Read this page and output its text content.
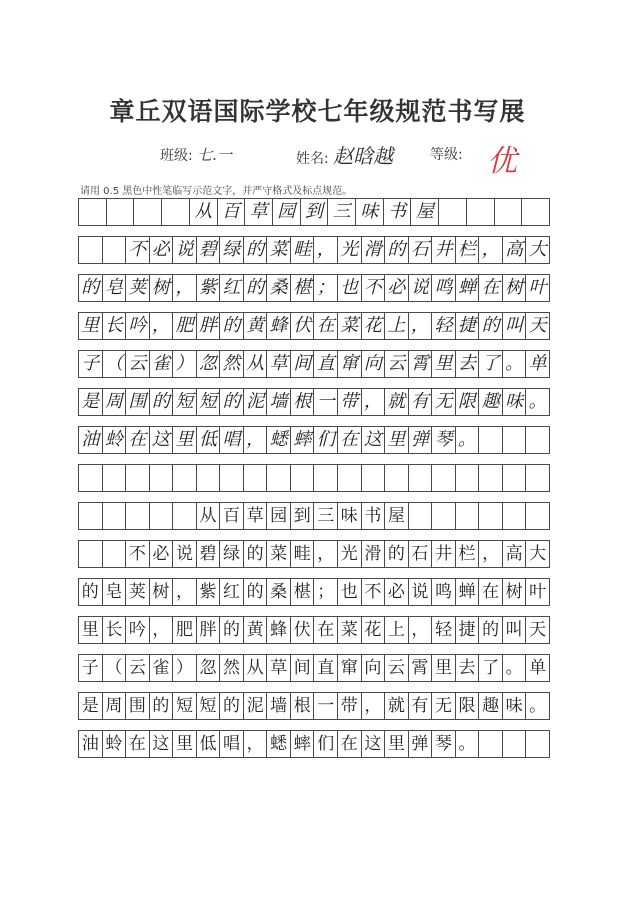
章丘双语国际学校七年级规范书写展
班级: 七.一	姓名: 赵晗越	等级: 优
请用 0.5 黑色中性笔临写示范文字，并严守格式及标点规范。
从 百 草 园 到 三 味 书 屋
不 必 说 碧 绿 的 菜 畦 ， 光 滑 的 石 井 栏 ， 高 大
的 皂 荚 树 ， 紫 红 的 桑 椹 ； 也 不 必 说 鸣 蝉 在 树 叶
里 长 吟 ， 肥 胖 的 黄 蜂 伏 在 菜 花 上 ， 轻 捷 的 叫 天
子 （ 云 雀 ） 忽 然 从 草 间 直 窜 向 云 霄 里 去 了 。 单
是 周 围 的 短 短 的 泥 墙 根 一 带 ， 就 有 无 限 趣 味 。
油 蛉 在 这 里 低 唱 ， 蟋 蟀 们 在 这 里 弹 琴 。
从 百 草 园 到 三 味 书 屋
不 必 说 碧 绿 的 菜 畦 ， 光 滑 的 石 井 栏 ， 高 大
的 皂 荚 树 ， 紫 红 的 桑 椹 ； 也 不 必 说 鸣 蝉 在 树 叶
里 长 吟 ， 肥 胖 的 黄 蜂 伏 在 菜 花 上 ， 轻 捷 的 叫 天
子 （ 云 雀 ） 忽 然 从 草 间 直 窜 向 云 霄 里 去 了 。 单
是 周 围 的 短 短 的 泥 墙 根 一 带 ， 就 有 无 限 趣 味 。
油 蛉 在 这 里 低 唱 ， 蟋 蟀 们 在 这 里 弹 琴 。
